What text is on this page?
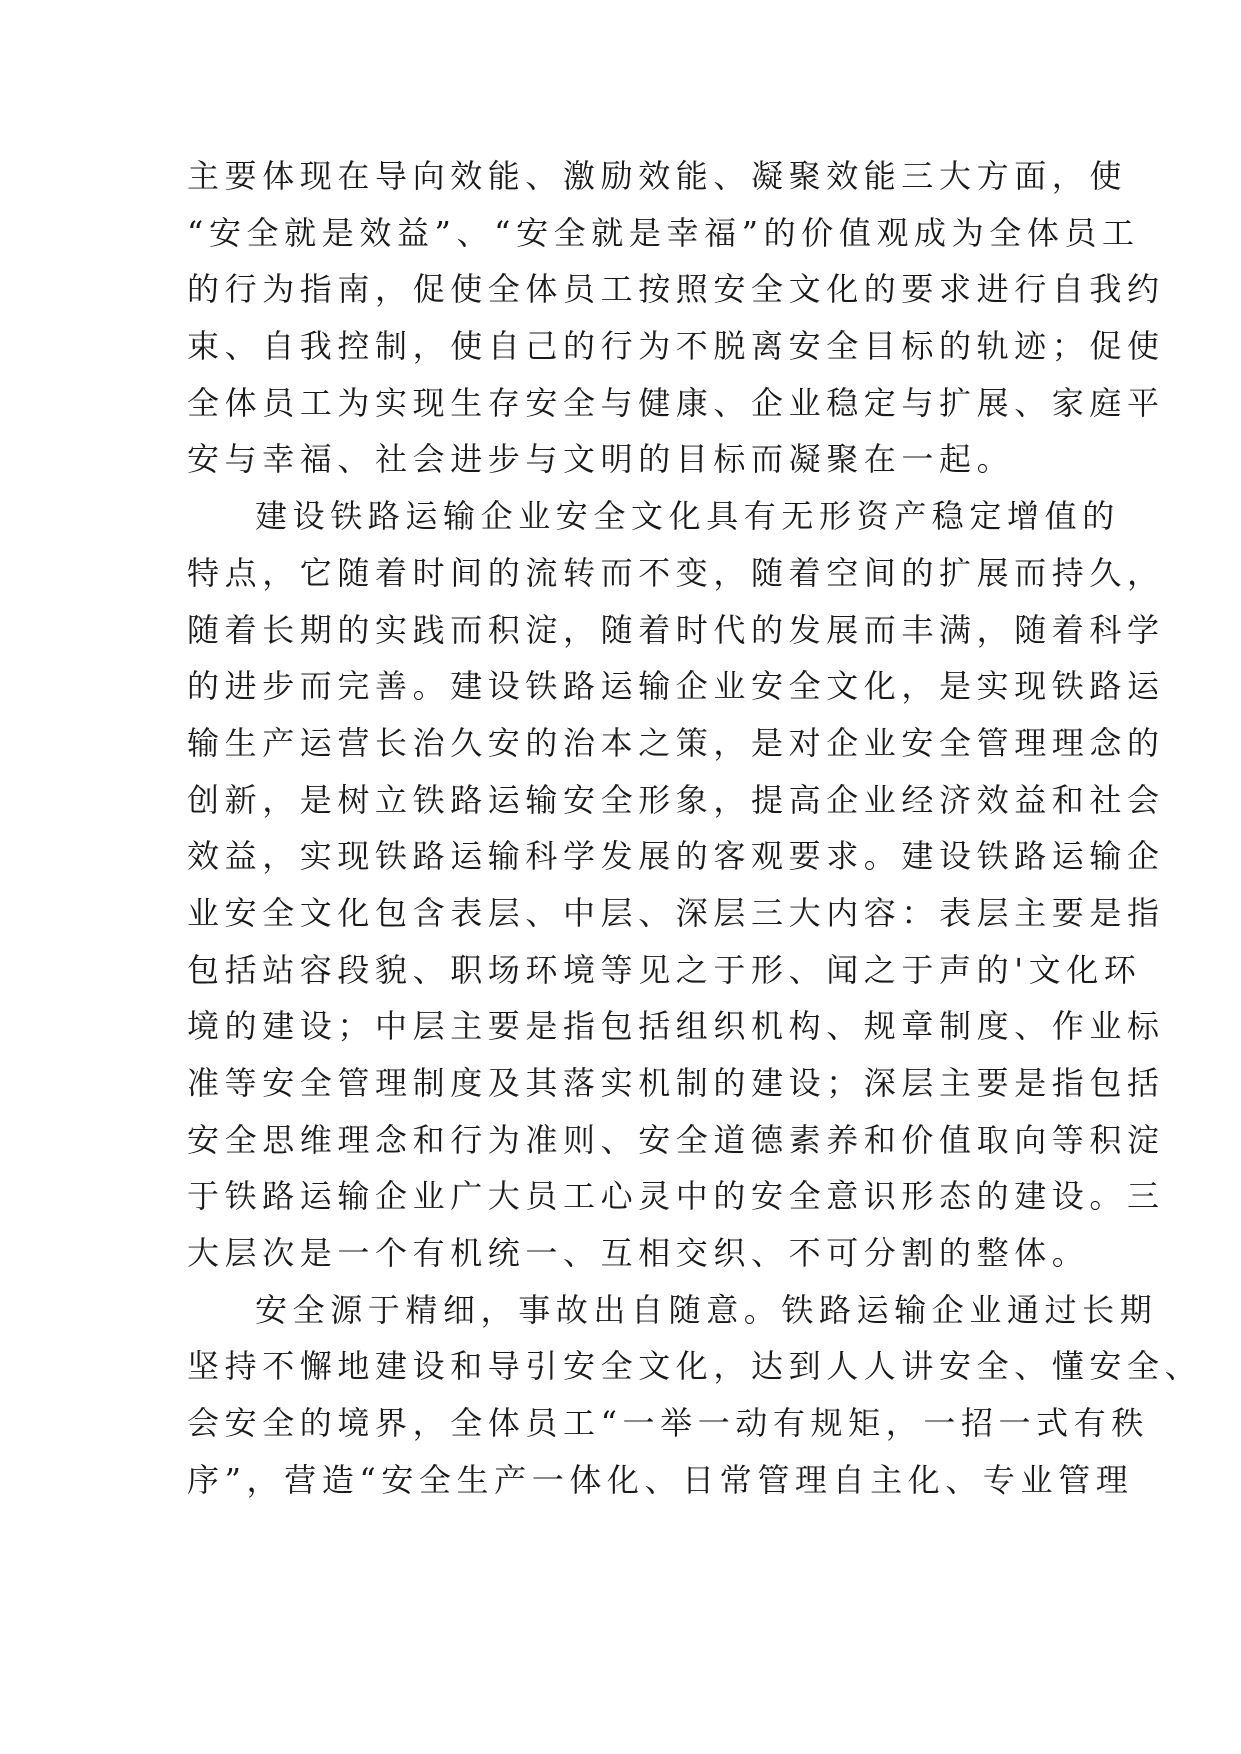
主要体现在导向效能、激励效能、凝聚效能三大方面，使
“安全就是效益”、“安全就是幸福”的价值观成为全体员工
的行为指南，促使全体员工按照安全文化的要求进行自我约
束、自我控制，使自己的行为不脱离安全目标的轨迹；促使
全体员工为实现生存安全与健康、企业稳定与扩展、家庭平
安与幸福、社会进步与文明的目标而凝聚在一起。
建设铁路运输企业安全文化具有无形资产稳定增值的
特点，它随着时间的流转而不变，随着空间的扩展而持久，
随着长期的实践而积淀，随着时代的发展而丰满，随着科学
的进步而完善。建设铁路运输企业安全文化，是实现铁路运
输生产运营长治久安的治本之策，是对企业安全管理理念的
创新，是树立铁路运输安全形象，提高企业经济效益和社会
效益，实现铁路运输科学发展的客观要求。建设铁路运输企
业安全文化包含表层、中层、深层三大内容：表层主要是指
包括站容段貌、职场环境等见之于形、闻之于声的'文化环
境的建设；中层主要是指包括组织机构、规章制度、作业标
准等安全管理制度及其落实机制的建设；深层主要是指包括
安全思维理念和行为准则、安全道德素养和价值取向等积淀
于铁路运输企业广大员工心灵中的安全意识形态的建设。三
大层次是一个有机统一、互相交织、不可分割的整体。
安全源于精细，事故出自随意。铁路运输企业通过长期
坚持不懈地建设和导引安全文化，达到人人讲安全、懂安全、
会安全的境界，全体员工“一举一动有规矩，一招一式有秩
序”，营造“安全生产一体化、日常管理自主化、专业管理
